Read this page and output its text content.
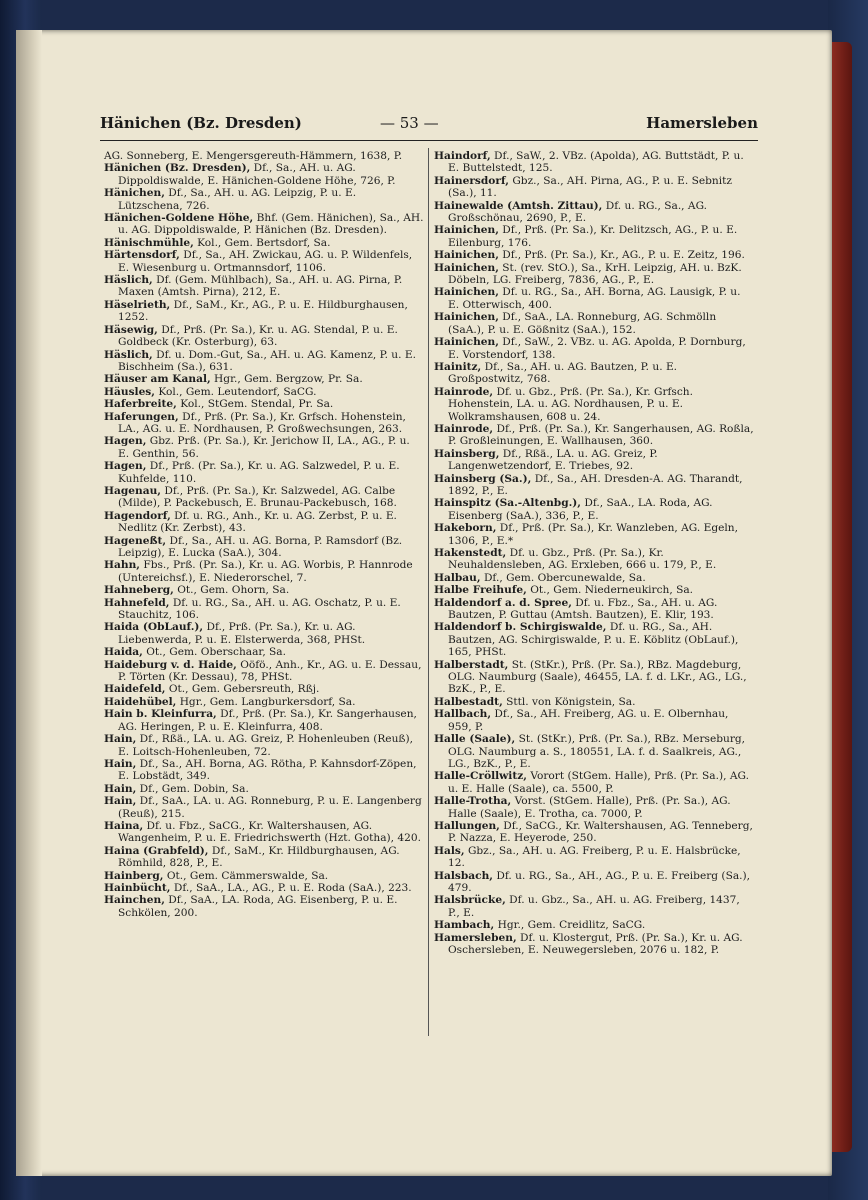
Hänichen (Bz. Dresden)	— 53 —	Hamersleben
AG. Sonneberg, E. Mengersgereuth-Hämmern, 1638, P.
Hänichen (Bz. Dresden), Df., Sa., AH. u. AG. Dippoldiswalde, E. Hänichen-Goldene Höhe, 726, P.
Hänichen, Df., Sa., AH. u. AG. Leipzig, P. u. E. Lützschena, 726.
Hänichen-Goldene Höhe, Bhf. (Gem. Hänichen), Sa., AH. u. AG. Dippoldiswalde, P. Hänichen (Bz. Dresden).
Hänischmühle, Kol., Gem. Bertsdorf, Sa.
Härtensdorf, Df., Sa., AH. Zwickau, AG. u. P. Wildenfels, E. Wiesenburg u. Ortmannsdorf, 1106.
Häslich, Df. (Gem. Mühlbach), Sa., AH. u. AG. Pirna, P. Maxen (Amtsh. Pirna), 212, E.
Häselrieth, Df., SaM., Kr., AG., P. u. E. Hildburghausen, 1252.
Häsewig, Df., Prß. (Pr. Sa.), Kr. u. AG. Stendal, P. u. E. Goldbeck (Kr. Osterburg), 63.
Häslich, Df. u. Dom.-Gut, Sa., AH. u. AG. Kamenz, P. u. E. Bischheim (Sa.), 631.
Häuser am Kanal, Hgr., Gem. Bergzow, Pr. Sa.
Häusles, Kol., Gem. Leutendorf, SaCG.
Haferbreite, Kol., StGem. Stendal, Pr. Sa.
Haferungen, Df., Prß. (Pr. Sa.), Kr. Grfsch. Hohenstein, LA., AG. u. E. Nordhausen, P. Großwechsungen, 263.
Hagen, Gbz. Prß. (Pr. Sa.), Kr. Jerichow II, LA., AG., P. u. E. Genthin, 56.
Hagen, Df., Prß. (Pr. Sa.), Kr. u. AG. Salzwedel, P. u. E. Kuhfelde, 110.
Hagenau, Df., Prß. (Pr. Sa.), Kr. Salzwedel, AG. Calbe (Milde), P. Packebusch, E. Brunau-Packebusch, 168.
Hagendorf, Df. u. RG., Anh., Kr. u. AG. Zerbst, P. u. E. Nedlitz (Kr. Zerbst), 43.
Hageneßt, Df., Sa., AH. u. AG. Borna, P. Ramsdorf (Bz. Leipzig), E. Lucka (SaA.), 304.
Hahn, Fbs., Prß. (Pr. Sa.), Kr. u. AG. Worbis, P. Hannrode (Untereichsf.), E. Niederorschel, 7.
Hahneberg, Ot., Gem. Ohorn, Sa.
Hahnefeld, Df. u. RG., Sa., AH. u. AG. Oschatz, P. u. E. Stauchitz, 106.
Haida (ObLauf.), Df., Prß. (Pr. Sa.), Kr. u. AG. Liebenwerda, P. u. E. Elsterwerda, 368, PHSt.
Haida, Ot., Gem. Oberschaar, Sa.
Haideburg v. d. Haide, Oöfö., Anh., Kr., AG. u. E. Dessau, P. Törten (Kr. Dessau), 78, PHSt.
Haidefeld, Ot., Gem. Gebersreuth, Rßj.
Haidehübel, Hgr., Gem. Langburkersdorf, Sa.
Hain b. Kleinfurra, Df., Prß. (Pr. Sa.), Kr. Sangerhausen, AG. Heringen, P. u. E. Kleinfurra, 408.
Hain, Df., Rßä., LA. u. AG. Greiz, P. Hohenleuben (Reuß), E. Loitsch-Hohenleuben, 72.
Hain, Df., Sa., AH. Borna, AG. Rötha, P. Kahnsdorf-Zöpen, E. Lobstädt, 349.
Hain, Df., Gem. Dobin, Sa.
Hain, Df., SaA., LA. u. AG. Ronneburg, P. u. E. Langenberg (Reuß), 215.
Haina, Df. u. Fbz., SaCG., Kr. Waltershausen, AG. Wangenheim, P. u. E. Friedrichswerth (Hzt. Gotha), 420.
Haina (Grabfeld), Df., SaM., Kr. Hildburghausen, AG. Römhild, 828, P., E.
Hainberg, Ot., Gem. Cämmerswalde, Sa.
Hainbücht, Df., SaA., LA., AG., P. u. E. Roda (SaA.), 223.
Hainchen, Df., SaA., LA. Roda, AG. Eisenberg, P. u. E. Schkölen, 200.
Haindorf, Df., SaW., 2. VBz. (Apolda), AG. Buttstädt, P. u. E. Buttelstedt, 125.
Hainersdorf, Gbz., Sa., AH. Pirna, AG., P. u. E. Sebnitz (Sa.), 11.
Hainewalde (Amtsh. Zittau), Df. u. RG., Sa., AG. Großschönau, 2690, P., E.
Hainichen, Df., Prß. (Pr. Sa.), Kr. Delitzsch, AG., P. u. E. Eilenburg, 176.
Hainichen, Df., Prß. (Pr. Sa.), Kr., AG., P. u. E. Zeitz, 196.
Hainichen, St. (rev. StO.), Sa., KrH. Leipzig, AH. u. BzK. Döbeln, LG. Freiberg, 7836, AG., P., E.
Hainichen, Df. u. RG., Sa., AH. Borna, AG. Lausigk, P. u. E. Otterwisch, 400.
Hainichen, Df., SaA., LA. Ronneburg, AG. Schmölln (SaA.), P. u. E. Gößnitz (SaA.), 152.
Hainichen, Df., SaW., 2. VBz. u. AG. Apolda, P. Dornburg, E. Vorstendorf, 138.
Hainitz, Df., Sa., AH. u. AG. Bautzen, P. u. E. Großpostwitz, 768.
Hainrode, Df. u. Gbz., Prß. (Pr. Sa.), Kr. Grfsch. Hohenstein, LA. u. AG. Nordhausen, P. u. E. Wolkramshausen, 608 u. 24.
Hainrode, Df., Prß. (Pr. Sa.), Kr. Sangerhausen, AG. Roßla, P. Großleinungen, E. Wallhausen, 360.
Hainsberg, Df., Rßä., LA. u. AG. Greiz, P. Langenwetzendorf, E. Triebes, 92.
Hainsberg (Sa.), Df., Sa., AH. Dresden-A. AG. Tharandt, 1892, P., E.
Hainspitz (Sa.-Altenbg.), Df., SaA., LA. Roda, AG. Eisenberg (SaA.), 336, P., E.
Hakeborn, Df., Prß. (Pr. Sa.), Kr. Wanzleben, AG. Egeln, 1306, P., E.*
Hakenstedt, Df. u. Gbz., Prß. (Pr. Sa.), Kr. Neuhaldensleben, AG. Erxleben, 666 u. 179, P., E.
Halbau, Df., Gem. Obercunewalde, Sa.
Halbe Freihufe, Ot., Gem. Niederneukirch, Sa.
Haldendorf a. d. Spree, Df. u. Fbz., Sa., AH. u. AG. Bautzen, P. Guttau (Amtsh. Bautzen), E. Klir, 193.
Haldendorf b. Schirgiswalde, Df. u. RG., Sa., AH. Bautzen, AG. Schirgiswalde, P. u. E. Köblitz (ObLauf.), 165, PHSt.
Halberstadt, St. (StKr.), Prß. (Pr. Sa.), RBz. Magdeburg, OLG. Naumburg (Saale), 46455, LA. f. d. LKr., AG., LG., BzK., P., E.
Halbestadt, Sttl. von Königstein, Sa.
Hallbach, Df., Sa., AH. Freiberg, AG. u. E. Olbernhau, 959, P.
Halle (Saale), St. (StKr.), Prß. (Pr. Sa.), RBz. Merseburg, OLG. Naumburg a. S., 180551, LA. f. d. Saalkreis, AG., LG., BzK., P., E.
Halle-Cröllwitz, Vorort (StGem. Halle), Prß. (Pr. Sa.), AG. u. E. Halle (Saale), ca. 5500, P.
Halle-Trotha, Vorst. (StGem. Halle), Prß. (Pr. Sa.), AG. Halle (Saale), E. Trotha, ca. 7000, P.
Hallungen, Df., SaCG., Kr. Waltershausen, AG. Tenneberg, P. Nazza, E. Heyerode, 250.
Hals, Gbz., Sa., AH. u. AG. Freiberg, P. u. E. Halsbrücke, 12.
Halsbach, Df. u. RG., Sa., AH., AG., P. u. E. Freiberg (Sa.), 479.
Halsbrücke, Df. u. Gbz., Sa., AH. u. AG. Freiberg, 1437, P., E.
Hambach, Hgr., Gem. Creidlitz, SaCG.
Hamersleben, Df. u. Klostergut, Prß. (Pr. Sa.), Kr. u. AG. Oschersleben, E. Neuwegersleben, 2076 u. 182, P.
